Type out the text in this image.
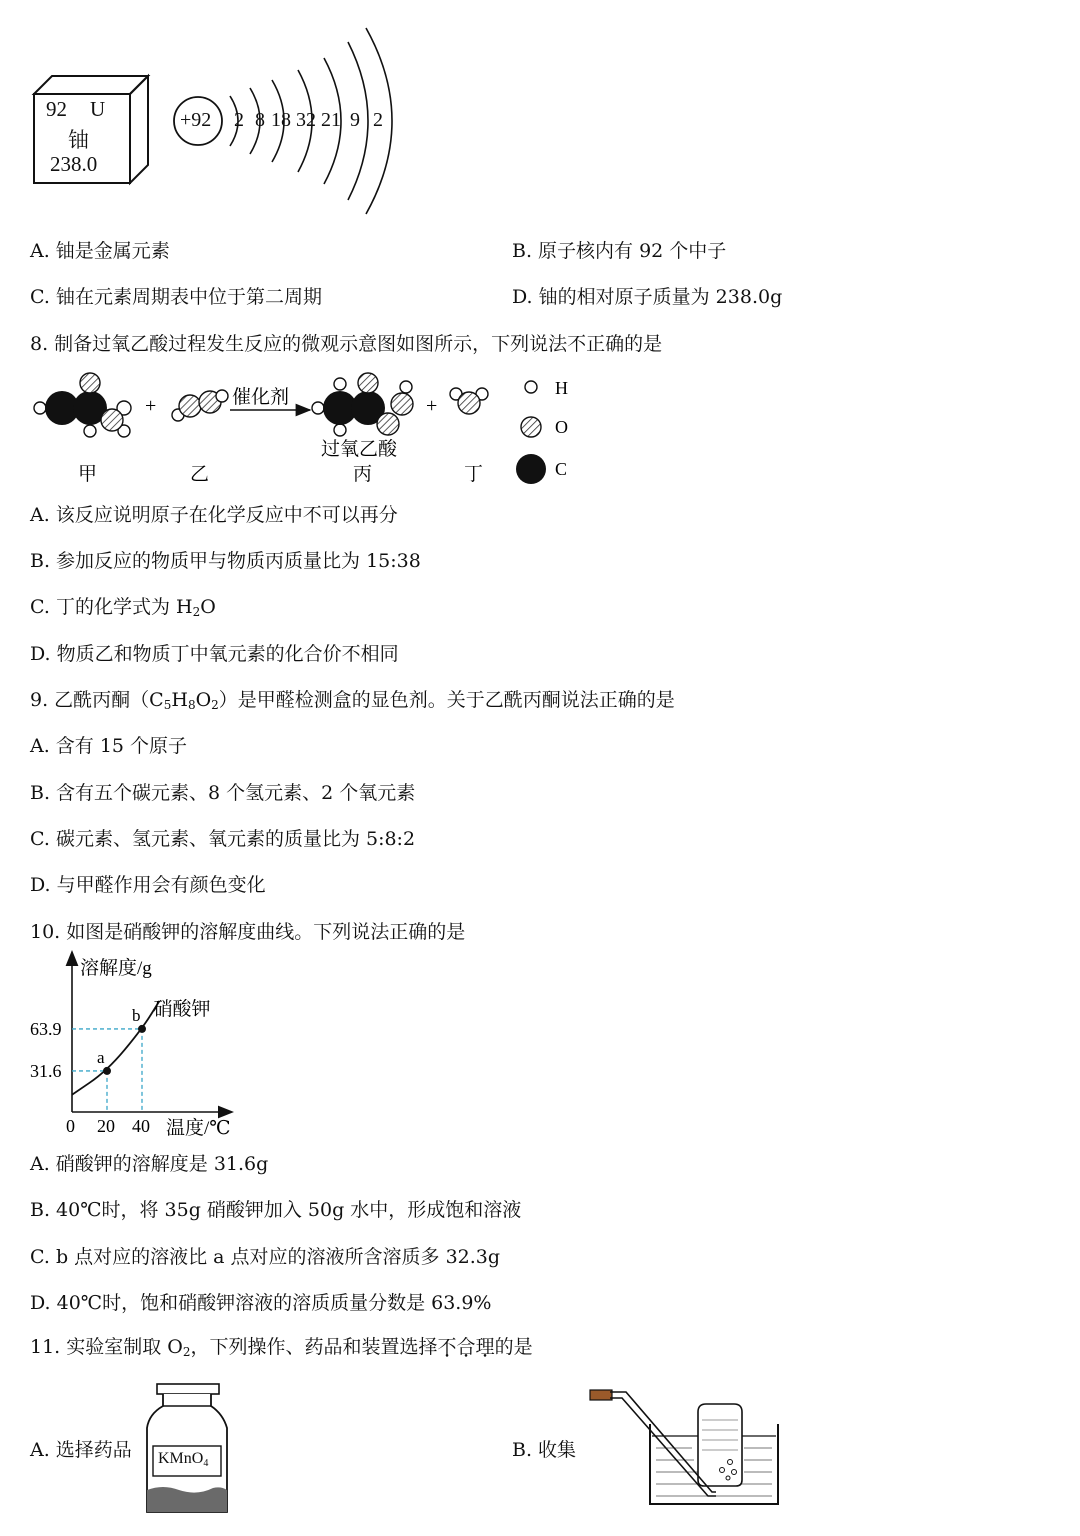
92 U
铀
238.0
+92 2 8 18 32 21 9 2
A. 铀是金属元素	B. 原子核内有 92 个中子
C. 铀在元素周期表中位于第二周期	D. 铀的相对原子质量为 238.0g
8. 制备过氧乙酸过程发生反应的微观示意图如图所示，下列说法不正确的是
+	催化剂
过氧乙酸
+
甲	乙	丙	丁
H
O
C
A. 该反应说明原子在化学反应中不可以再分
B. 参加反应的物质甲与物质丙质量比为 15:38
C. 丁的化学式为 $H_2O$
D. 物质乙和物质丁中氧元素的化合价不相同
9. 乙酰丙酮$(C_5H_8O_2)$是甲醛检测盒的显色剂。关于乙酰丙酮说法正确的是
A. 含有 15 个原子
B. 含有五个碳元素、8 个氢元素、2 个氧元素
C. 碳元素、氢元素、氧元素的质量比为 5:8:2
D. 与甲醛作用会有颜色变化
10. 如图是硝酸钾的溶解度曲线。下列说法正确的是
溶解度/g
温度/℃
硝酸钾
a
b
31.6
63.9
0 20 40
A. 硝酸钾的溶解度是 31.6g
B. 40℃时，将 35g 硝酸钾加入 50g 水中，形成饱和溶液
C. b 点对应的溶液比 a 点对应的溶液所含溶质多 32.3g
D. 40℃时，饱和硝酸钾溶液的溶质质量分数是 63.9%
11. 实验室制取 $O_2$，下列操作、药品和装置选择不合理的是
A. 选择药品 KMnO$_4$
B. 收集
